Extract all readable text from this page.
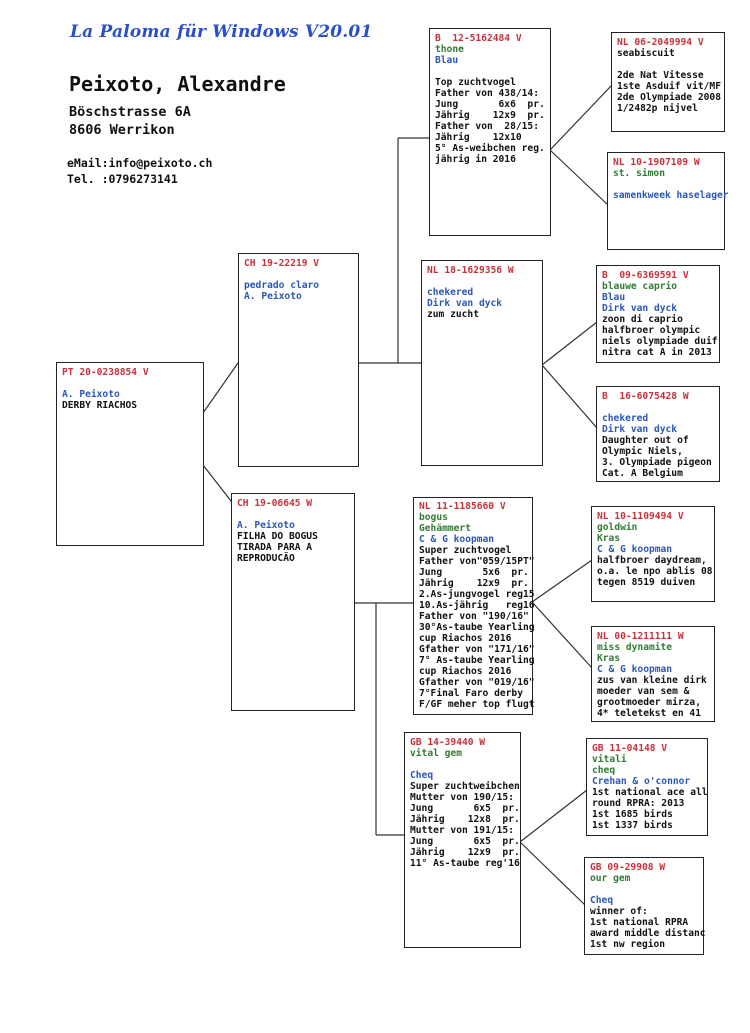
La Paloma für Windows V20.01
Peixoto, Alexandre
Böschstrasse 6A
8606 Werrikon
eMail:info@peixoto.ch
Tel. :0796273141
PT 20-0238854 V
A. Peixoto
DERBY RIACHOS
CH 19-22219 V
pedrado claro
A. Peixoto
CH 19-06645 W
A. Peixoto
FILHA DO BOGUS
TIRADA PARA A
REPRODUCÃO
B  12-5162484 V
thone
Blau
Top zuchtvogel
Father von 438/14:
Jung       6x6  pr.
Jährig    12x9  pr.
Father von  28/15:
Jährig    12x10
5° As-weibchen reg.
jährig in 2016
NL 18-1629356 W
chekered
Dirk van dyck
zum zucht
NL 11-1185660 V
bogus
Gehämmert
C & G koopman
Super zuchtvogel
Father von"059/15PT"
Jung       5x6  pr.
Jährig    12x9  pr.
2.As-jungvogel reg15
10.As-jährig   reg16
Father von "190/16"
30°As-taube Yearling
cup Riachos 2016
Gfather von "171/16"
7° As-taube Yearling
cup Riachos 2016
Gfather von "019/16"
7°Final Faro derby
F/GF meher top flugt
GB 14-39440 W
vital gem
Cheq
Super zuchtweibchen
Mutter von 190/15:
Jung       6x5  pr.
Jährig    12x8  pr.
Mutter von 191/15:
Jung       6x5  pr.
Jährig    12x9  pr.
11° As-taube reg'16
NL 06-2049994 V
seabiscuit
2de Nat Vitesse
1ste Asduif vit/MF
2de Olympiade 2008
1/2482p nijvel
NL 10-1907109 W
st. simon
samenkweek haselager
B  09-6369591 V
blauwe caprio
Blau
Dirk van dyck
zoon di caprio
halfbroer olympic
niels olympiade duif
nitra cat A in 2013
B  16-6075428 W
chekered
Dirk van dyck
Daughter out of
Olympic Niels,
3. Olympiade pigeon
Cat. A Belgium
NL 10-1109494 V
goldwin
Kras
C & G koopman
halfbroer daydream,
o.a. le npo ablis 08
tegen 8519 duiven
NL 00-1211111 W
miss dynamite
Kras
C & G koopman
zus van kleine dirk
moeder van sem &
grootmoeder mirza,
4* teletekst en 41
GB 11-04148 V
vitali
cheq
Crehan & o'connor
1st national ace all
round RPRA: 2013
1st 1685 birds
1st 1337 birds
GB 09-29908 W
our gem
Cheq
winner of:
1st national RPRA
award middle distanc
1st nw region
